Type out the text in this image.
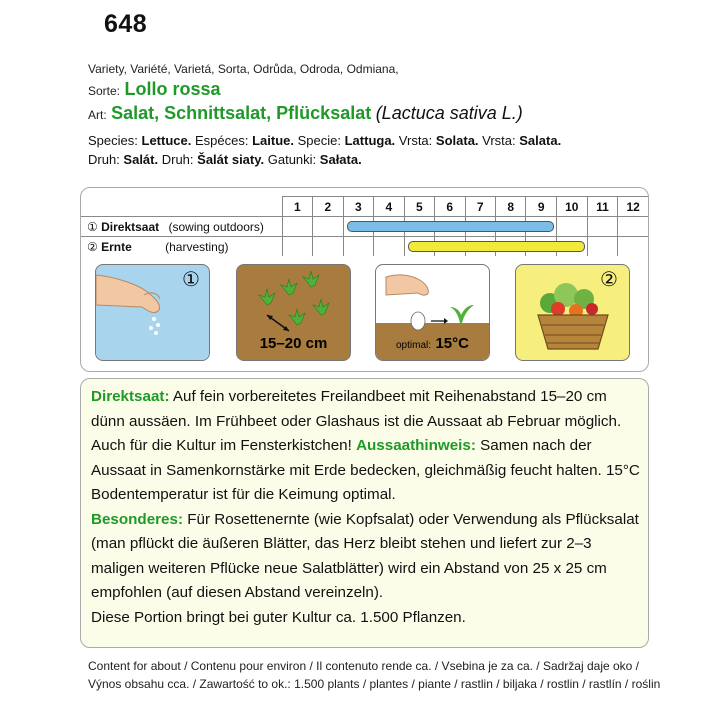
648
Variety, Variété, Varietá, Sorta, Odrůda, Odroda, Odmiana,
Sorte: Lollo rossa
Art: Salat, Schnittsalat, Pflücksalat (Lactuca sativa L.)
Species: Lettuce. Espéces: Laitue. Specie: Lattuga. Vrsta: Solata. Vrsta: Salata.
Druh: Salát. Druh: Šalát siaty. Gatunki: Sałata.
	1	2	3	4	5	6	7	8	9	10	11	12
① Direktsaat (sowing outdoors)												
② Ernte (harvesting)												
①
15–20 cm	optimal: 15°C
②
Direktsaat: Auf fein vorbereitetes Freilandbeet mit Reihenabstand 15–20 cm dünn aussäen. Im Frühbeet oder Glashaus ist die Aussaat ab Februar möglich. Auch für die Kultur im Fensterkistchen! Aussaathinweis: Samen nach der Aussaat in Samenkornstärke mit Erde bedecken, gleichmäßig feucht halten. 15°C Bodentemperatur ist für die Keimung optimal.
Besonderes: Für Rosettenernte (wie Kopfsalat) oder Verwendung als Pflücksalat (man pflückt die äußeren Blätter, das Herz bleibt stehen und liefert zur 2–3 maligen weiteren Pflücke neue Salatblätter) wird ein Abstand von 25 x 25 cm empfohlen (auf diesen Abstand vereinzeln).
Diese Portion bringt bei guter Kultur ca. 1.500 Pflanzen.
Content for about / Contenu pour environ / Il contenuto rende ca. / Vsebina je za ca. / Sadržaj daje oko /
Výnos obsahu cca. / Zawartość to ok.: 1.500 plants / plantes / piante / rastlin / biljaka / rostlin / rastlín / roślin
